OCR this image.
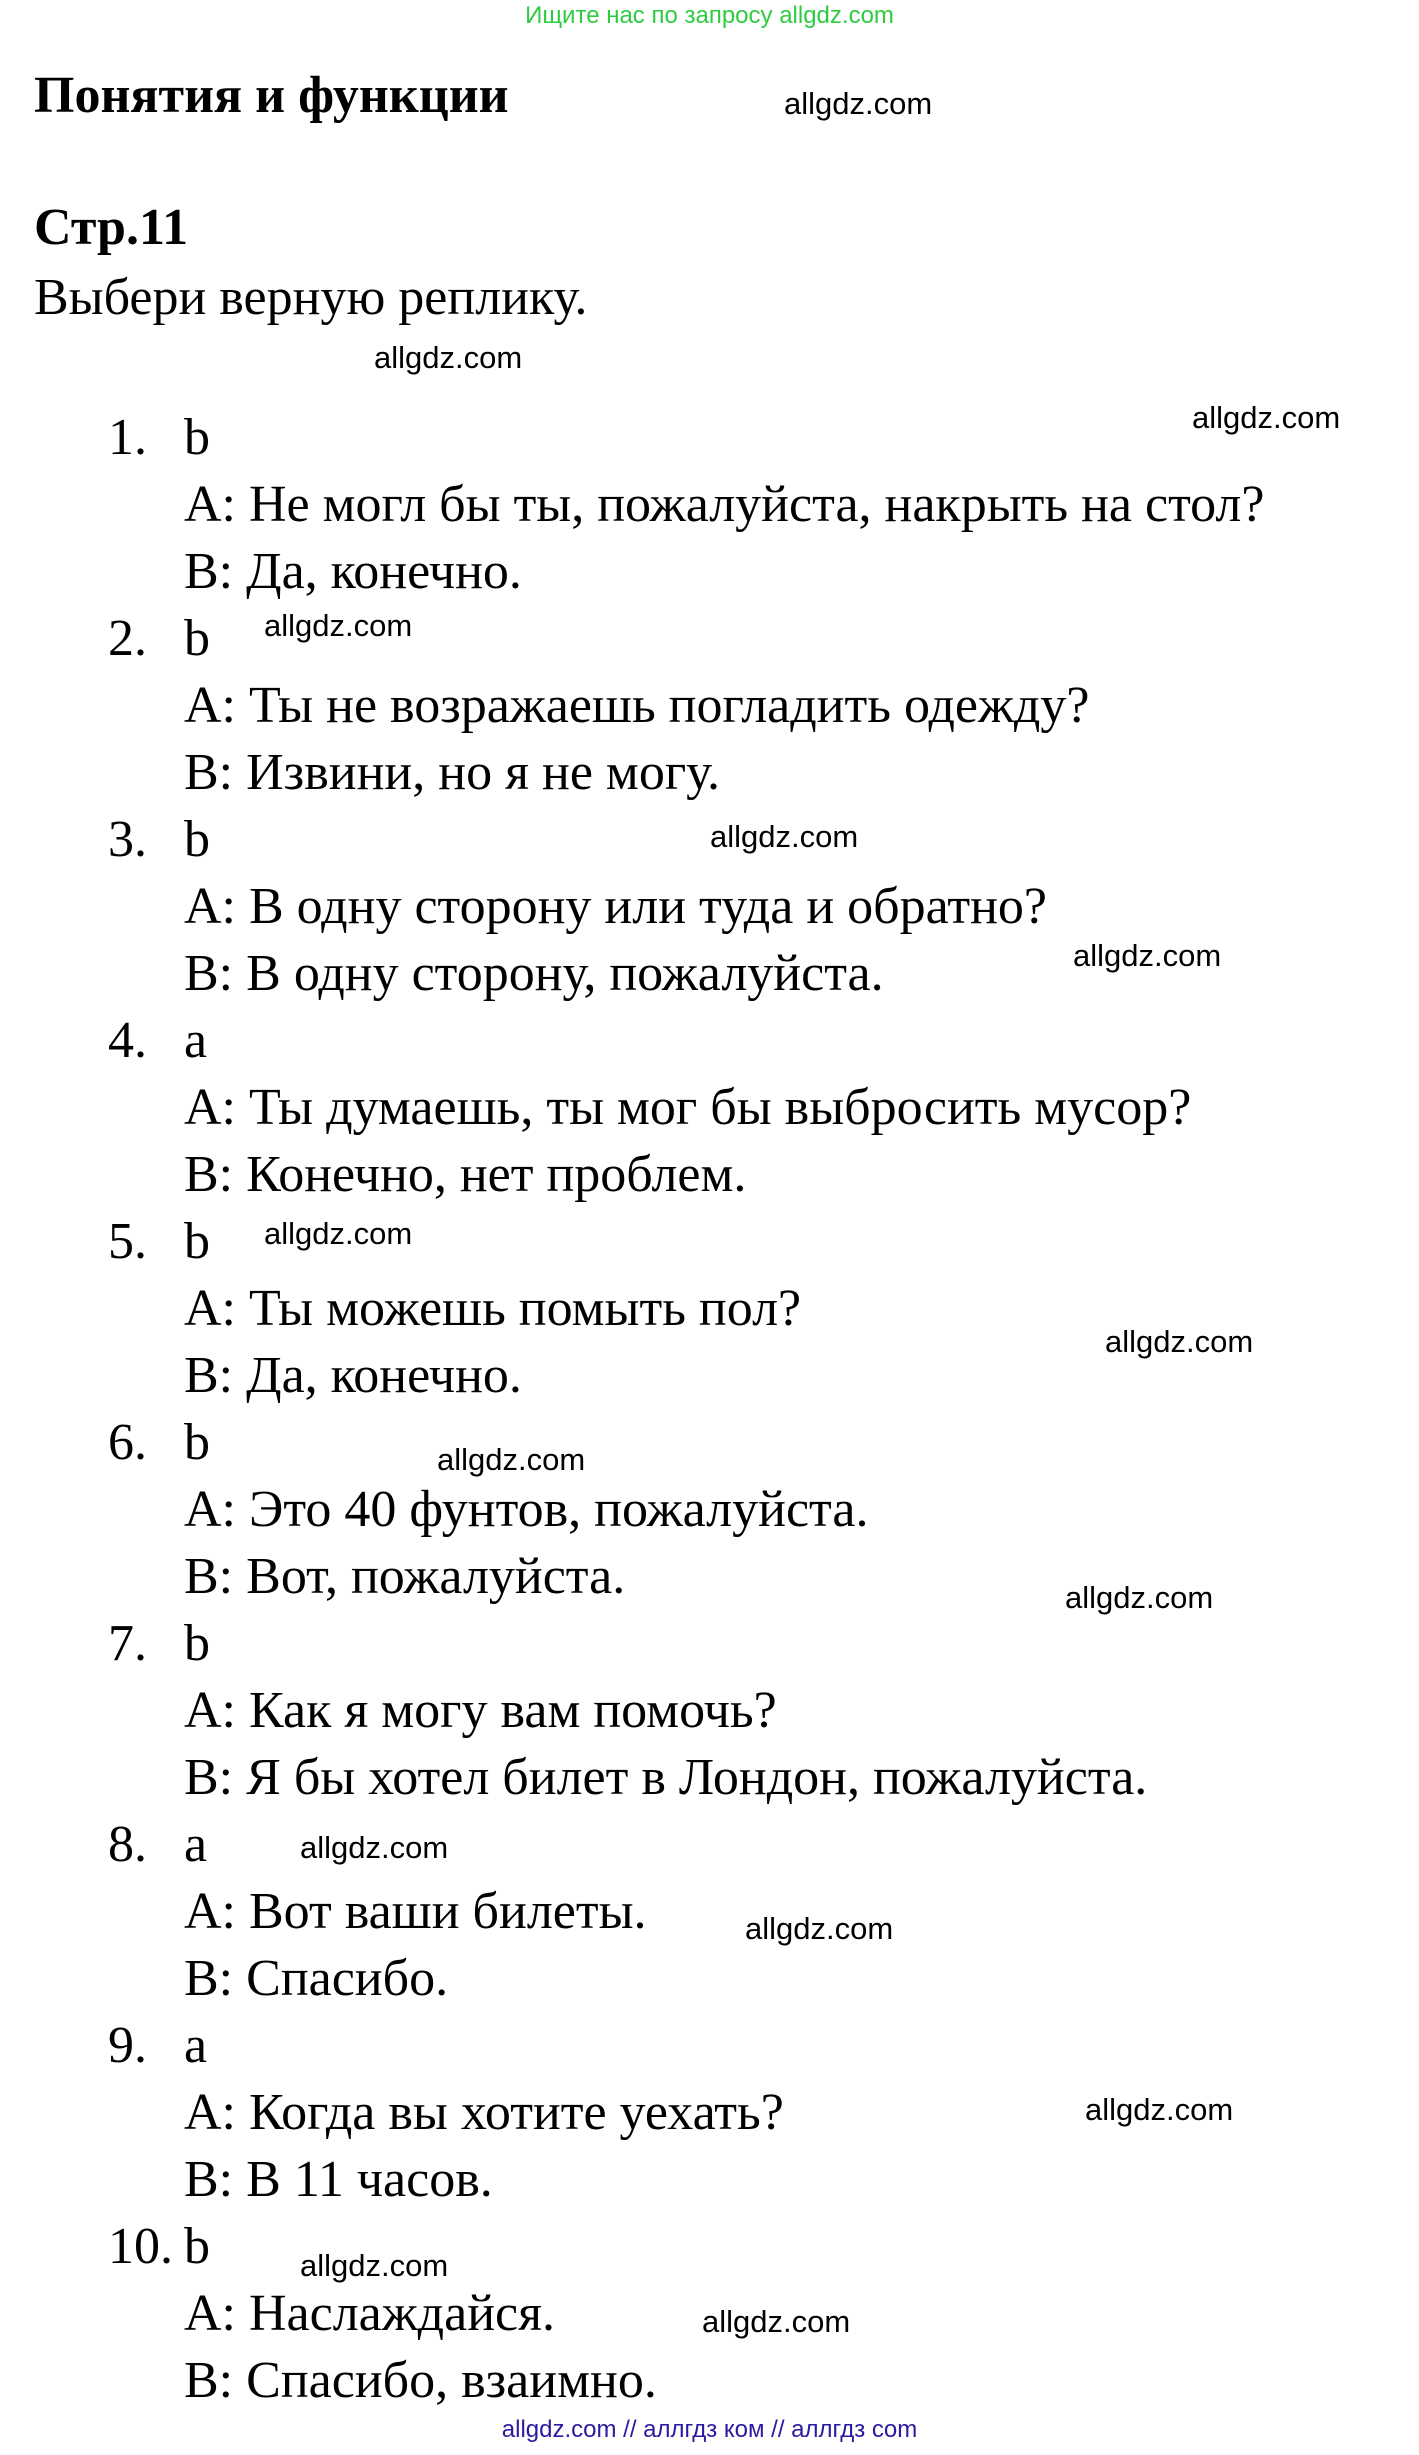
Ищите нас по запросу allgdz.com
Понятия и функции
Стр.11

Выбери верную реплику.

1. b
A: Не могл бы ты, пожалуйста, накрыть на стол?
B: Да, конечно.
2. b
A: Ты не возражаешь погладить одежду?
B: Извини, но я не могу.
3. b
A: В одну сторону или туда и обратно?
B: В одну сторону, пожалуйста.
4. a
A: Ты думаешь, ты мог бы выбросить мусор?
B: Конечно, нет проблем.
5. b
A: Ты можешь помыть пол?
B: Да, конечно.
6. b
A: Это 40 фунтов, пожалуйста.
B: Вот, пожалуйста.
7. b
A: Как я могу вам помочь?
B: Я бы хотел билет в Лондон, пожалуйста.
8. a
A: Вот ваши билеты.
B: Спасибо.
9. a
A: Когда вы хотите уехать?
B: В 11 часов.
10. b
A: Наслаждайся.
B: Спасибо, взаимно.
allgdz.com
allgdz.com
allgdz.com
allgdz.com
allgdz.com
allgdz.com
allgdz.com
allgdz.com
allgdz.com
allgdz.com
allgdz.com
allgdz.com
allgdz.com
allgdz.com
allgdz.com
allgdz.com // аллгдз ком // аллгдз com
